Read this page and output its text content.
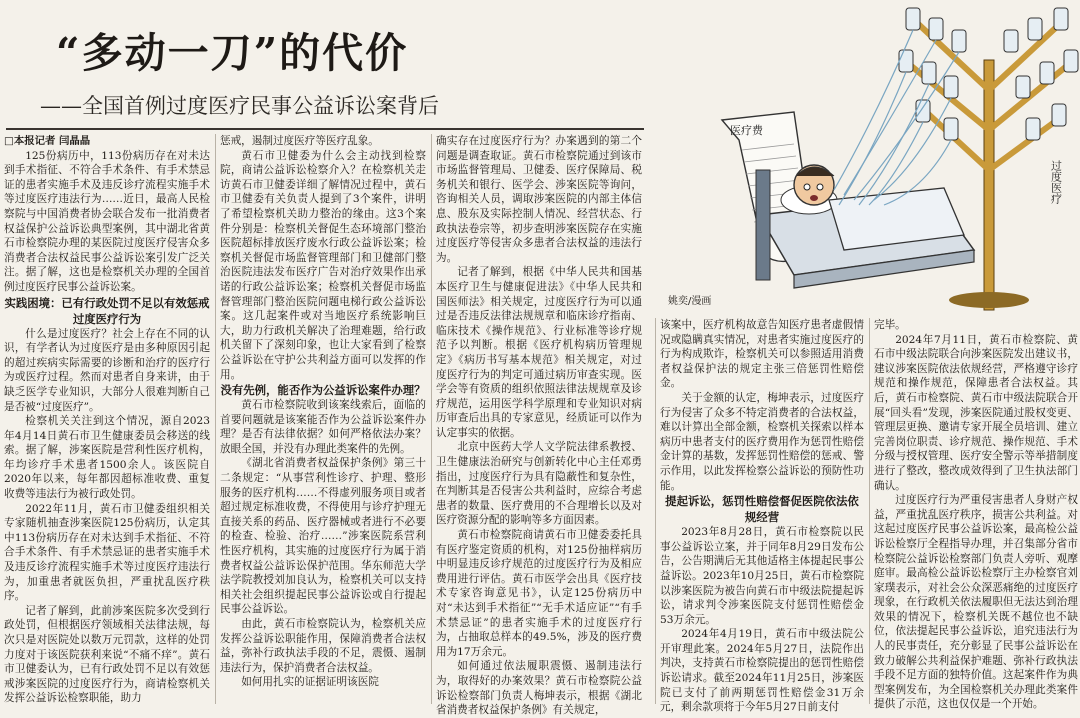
“多动一刀”的代价
——全国首例过度医疗民事公益诉讼案背后
医疗费
过度医疗
姚奕/漫画

□本报记者 闫晶晶

125份病历中，113份病历存在对未达到手术指征、不符合手术条件、有手术禁忌证的患者实施手术及违反诊疗流程实施手术等过度医疗违法行为……近日，最高人民检察院与中国消费者协会联合发布一批消费者权益保护公益诉讼典型案例，其中湖北省黄石市检察院办理的某医院过度医疗侵害众多消费者合法权益民事公益诉讼案引发广泛关注。据了解，这也是检察机关办理的全国首例过度医疗民事公益诉讼案。

实践困境：已有行政处罚不足以有效惩戒过度医疗行为

什么是过度医疗？社会上存在不同的认识，有学者认为过度医疗是由多种原因引起的超过疾病实际需要的诊断和治疗的医疗行为或医疗过程。然而对患者自身来讲，由于缺乏医学专业知识，大部分人很难判断自己是否被“过度医疗”。

检察机关关注到这个情况，源自2023年4月14日黄石市卫生健康委员会移送的线索。据了解，涉案医院是营利性医疗机构，年均诊疗手术患者1500余人。该医院自2020年以来，每年都因超标准收费、重复收费等违法行为被行政处罚。

2022年11月，黄石市卫健委组织相关专家随机抽查涉案医院125份病历，认定其中113份病历存在对未达到手术指征、不符合手术条件、有手术禁忌证的患者实施手术及违反诊疗流程实施手术等过度医疗违法行为，加重患者就医负担，严重扰乱医疗秩序。

记者了解到，此前涉案医院多次受到行政处罚，但根据医疗领域相关法律法规，每次只是对医院处以数万元罚款，这样的处罚力度对于该医院获利来说“不痛不痒”。黄石市卫健委认为，已有行政处罚不足以有效惩戒涉案医院的过度医疗行为，商请检察机关发挥公益诉讼检察职能，助力

惩戒，遏制过度医疗等医疗乱象。

黄石市卫健委为什么会主动找到检察院，商请公益诉讼检察介入？在检察机关走访黄石市卫健委详细了解情况过程中，黄石市卫健委有关负责人提到了3个案件，讲明了希望检察机关助力整治的缘由。这3个案件分别是：检察机关督促生态环境部门整治医院超标排放医疗废水行政公益诉讼案；检察机关督促市场监督管理部门和卫健部门整治医院违法发布医疗广告对治疗效果作出承诺的行政公益诉讼案；检察机关督促市场监督管理部门整治医院问题电梯行政公益诉讼案。这几起案件或对当地医疗系统影响巨大，助力行政机关解决了治理难题，给行政机关留下了深刻印象，也让大家看到了检察公益诉讼在守护公共利益方面可以发挥的作用。

没有先例，能否作为公益诉讼案件办理？

黄石市检察院收到该案线索后，面临的首要问题就是该案能否作为公益诉讼案件办理？是否有法律依据？如何严格依法办案？放眼全国，并没有办理此类案件的先例。

《湖北省消费者权益保护条例》第三十二条规定：“从事营利性诊疗、护理、整形服务的医疗机构……不得虚列服务项目或者超过规定标准收费，不得使用与诊疗护理无直接关系的药品、医疗器械或者进行不必要的检查、检验、治疗……”涉案医院系营利性医疗机构，其实施的过度医疗行为属于消费者权益公益诉讼保护范围。华东师范大学法学院教授刘加良认为，检察机关可以支持相关社会组织提起民事公益诉讼或自行提起民事公益诉讼。

由此，黄石市检察院认为，检察机关应发挥公益诉讼职能作用，保障消费者合法权益，弥补行政执法手段的不足，震慑、遏制违法行为，保护消费者合法权益。

如何用扎实的证据证明该医院

确实存在过度医疗行为？办案遇到的第二个问题是调查取证。黄石市检察院通过到该市市场监督管理局、卫健委、医疗保障局、税务机关和银行、医学会、涉案医院等询问，咨询相关人员，调取涉案医院的内部主体信息、股东及实际控制人情况、经营状态、行政执法卷宗等，初步查明涉案医院存在实施过度医疗等侵害众多患者合法权益的违法行为。

记者了解到，根据《中华人民共和国基本医疗卫生与健康促进法》《中华人民共和国医师法》相关规定，过度医疗行为可以通过是否违反法律法规规章和临床诊疗指南、临床技术《操作规范》、行业标准等诊疗规范予以判断。根据《医疗机构病历管理规定》《病历书写基本规范》相关规定，对过度医疗行为的判定可通过病历审查实现。医学会等有资质的组织依照法律法规规章及诊疗规范，运用医学科学原理和专业知识对病历审查后出具的专家意见，经质证可以作为认定事实的依据。

北京中医药大学人文学院法律系教授、卫生健康法治研究与创新转化中心主任邓勇指出，过度医疗行为具有隐蔽性和复杂性，在判断其是否侵害公共利益时，应综合考虑患者的数量、医疗费用的不合理增长以及对医疗资源分配的影响等多方面因素。

黄石市检察院商请黄石市卫健委委托具有医疗鉴定资质的机构，对125份抽样病历中明显违反诊疗规范的过度医疗行为及相应费用进行评估。黄石市医学会出具《医疗技术专家咨询意见书》，认定125份病历中对“未达到手术指征”“无手术适应证”“有手术禁忌证”的患者实施手术的过度医疗行为，占抽取总样本的49.5%，涉及的医疗费用为17万余元。

如何通过依法履职震慑、遏制违法行为，取得好的办案效果？黄石市检察院公益诉讼检察部门负责人梅坤表示，根据《湖北省消费者权益保护条例》有关规定，

该案中，医疗机构故意告知医疗患者虚假情况或隐瞒真实情况，对患者实施过度医疗的行为构成欺诈，检察机关可以参照适用消费者权益保护法的规定主张三倍惩罚性赔偿金。

关于金额的认定，梅坤表示，过度医疗行为侵害了众多不特定消费者的合法权益，难以计算出全部金额，检察机关探索以样本病历中患者支付的医疗费用作为惩罚性赔偿金计算的基数，发挥惩罚性赔偿的惩戒、警示作用，以此发挥检察公益诉讼的预防性功能。

提起诉讼，惩罚性赔偿督促医院依法依规经营

2023年8月28日，黄石市检察院以民事公益诉讼立案，并于同年8月29日发布公告，公告期满后无其他适格主体提起民事公益诉讼。2023年10月25日，黄石市检察院以涉案医院为被告向黄石市中级法院提起诉讼，请求判令涉案医院支付惩罚性赔偿金53万余元。

2024年4月19日，黄石市中级法院公开审理此案。2024年5月27日，法院作出判决，支持黄石市检察院提出的惩罚性赔偿诉讼请求。截至2024年11月25日，涉案医院已支付了前两期惩罚性赔偿金31万余元，剩余款项将于今年5月27日前支付

完毕。

2024年7月11日，黄石市检察院、黄石市中级法院联合向涉案医院发出建议书，建议涉案医院依法依规经营，严格遵守诊疗规范和操作规范，保障患者合法权益。其后，黄石市检察院、黄石市中级法院联合开展“回头看”发现，涉案医院通过股权变更、管理层更换、邀请专家开展全员培训、建立完善岗位职责、诊疗规范、操作规范、手术分级与授权管理、医疗安全警示等举措制度进行了整改，整改成效得到了卫生执法部门确认。

过度医疗行为严重侵害患者人身财产权益，严重扰乱医疗秩序，损害公共利益。对这起过度医疗民事公益诉讼案，最高检公益诉讼检察厅全程指导办理，并召集部分省市检察院公益诉讼检察部门负责人旁听、观摩庭审。最高检公益诉讼检察厅主办检察官刘家璞表示，对社会公众深恶痛绝的过度医疗现象，在行政机关依法履职但无法达到治理效果的情况下，检察机关既不越位也不缺位，依法提起民事公益诉讼，追究违法行为人的民事责任，充分彰显了民事公益诉讼在致力破解公共利益保护难题、弥补行政执法手段不足方面的独特价值。这起案件作为典型案例发布，为全国检察机关办理此类案件提供了示范，这也仅仅是一个开始。
